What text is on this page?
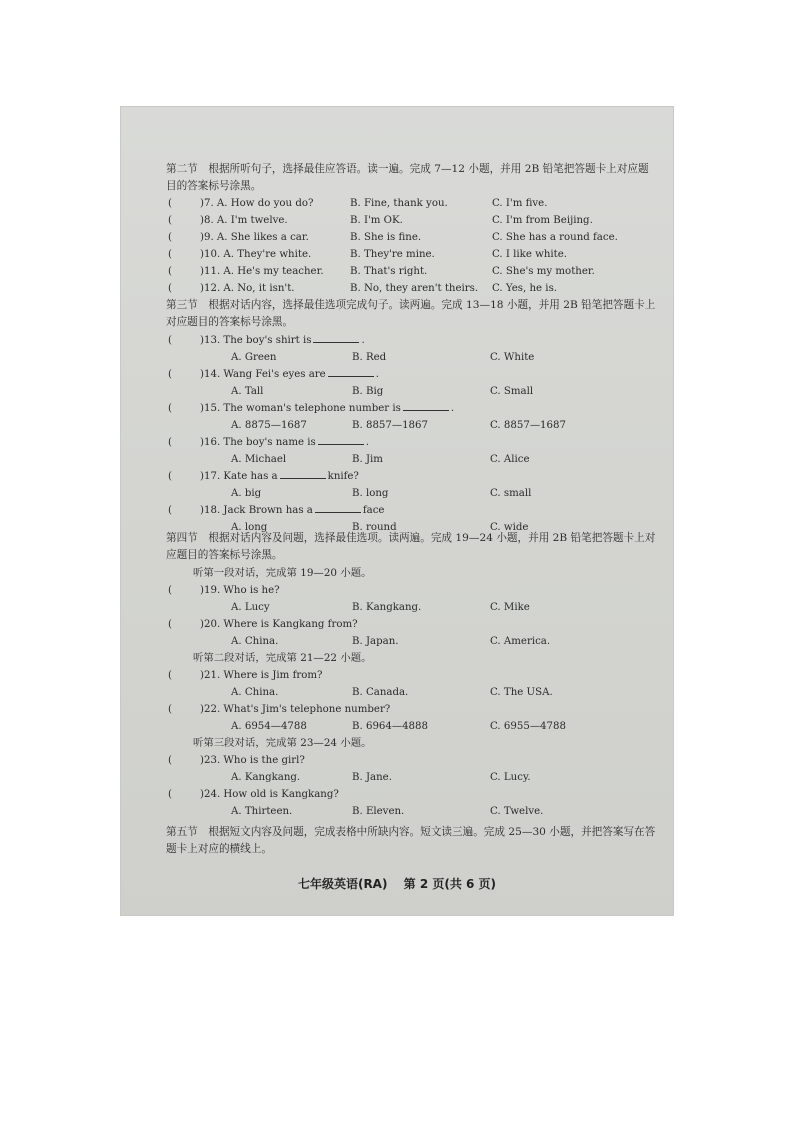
第二节　根据所听句子，选择最佳应答语。读一遍。完成 7—12 小题，并用 2B 铅笔把答题卡上对应题目的答案标号涂黑。
(	)7. A. How do you do?	B. Fine, thank you.	C. I'm five.
(	)8. A. I'm twelve.	B. I'm OK.	C. I'm from Beijing.
(	)9. A. She likes a car.	B. She is fine.	C. She has a round face.
(	)10. A. They're white.	B. They're mine.	C. I like white.
(	)11. A. He's my teacher.	B. That's right.	C. She's my mother.
(	)12. A. No, it isn't.	B. No, they aren't theirs. C. Yes, he is.
第三节　根据对话内容，选择最佳选项完成句子。读两遍。完成 13—18 小题，并用 2B 铅笔把答题卡上对应题目的答案标号涂黑。
(	)13. The boy's shirt is	.
A. Green	B. Red	C. White
(	)14. Wang Fei's eyes are	.
A. Tall	B. Big	C. Small
(	)15. The woman's telephone number is	.
A. 8875—1687	B. 8857—1867	C. 8857—1687
(	)16. The boy's name is	.
A. Michael	B. Jim	C. Alice
(	)17. Kate has a	knife?
A. big	B. long	C. small
(	)18. Jack Brown has a	face
A. long	B. round	C. wide
第四节　根据对话内容及问题，选择最佳选项。读两遍。完成 19—24 小题，并用 2B 铅笔把答题卡上对应题目的答案标号涂黑。
听第一段对话，完成第 19—20 小题。
(	)19. Who is he?
A. Lucy	B. Kangkang.	C. Mike
(	)20. Where is Kangkang from?
A. China.	B. Japan.	C. America.
听第二段对话，完成第 21—22 小题。
(	)21. Where is Jim from?
A. China.	B. Canada.	C. The USA.
(	)22. What's Jim's telephone number?
A. 6954—4788	B. 6964—4888	C. 6955—4788
听第三段对话，完成第 23—24 小题。
(	)23. Who is the girl?
A. Kangkang.	B. Jane.	C. Lucy.
(	)24. How old is Kangkang?
A. Thirteen.	B. Eleven.	C. Twelve.
第五节　根据短文内容及问题，完成表格中所缺内容。短文读三遍。完成 25—30 小题，并把答案写在答题卡上对应的横线上。
七年级英语(RA) 第 2 页(共 6 页)
